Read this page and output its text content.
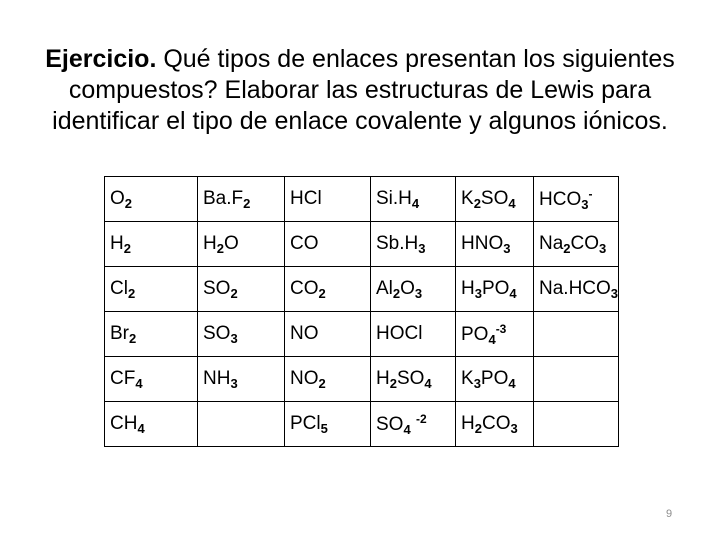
Ejercicio. Qué tipos de enlaces presentan los siguientes compuestos? Elaborar las estructuras de Lewis para identificar el tipo de enlace covalente y algunos iónicos.
$O_2$	$Ba.F_2$	HCl	$Si.H_4$	$K_2SO_4$	$HCO_3^-$
$H_2$	$H_2O$	CO	$Sb.H_3$	$HNO_3$	$Na_2CO_3$
$Cl_2$	$SO_2$	$CO_2$	$Al_2O_3$	$H_3PO_4$	$Na.HCO_3$
$Br_2$	$SO_3$	NO	HOCl	$PO_4^{-3}$	
$CF_4$	$NH_3$	$NO_2$	$H_2SO_4$	$K_3PO_4$	
$CH_4$		PCl$_5$	$SO_4$ $^{-2}$	$H_2CO_3$	
9
